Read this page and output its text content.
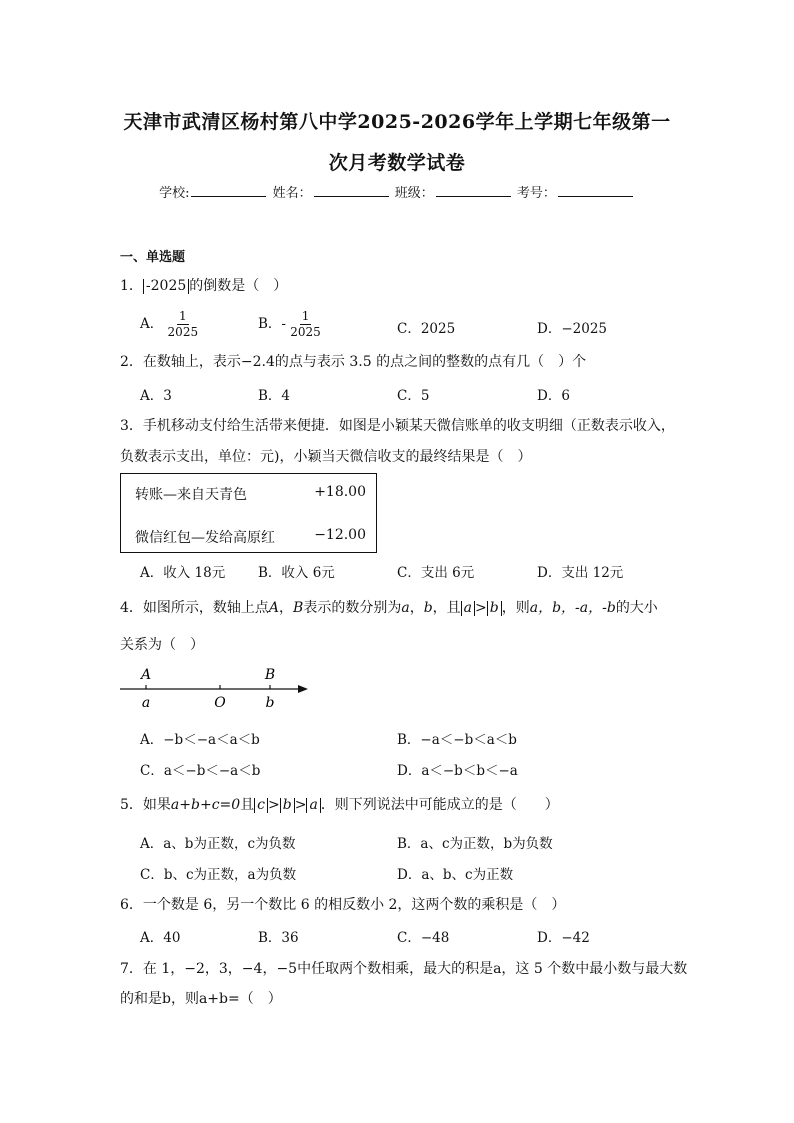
天津市武清区杨村第八中学2025-2026学年上学期七年级第一
次月考数学试卷
学校:	姓名：	班级：	考号：
一、单选题
1． -2025 的倒数是（　）
A． $\frac{1}{2025}$	B．- $\frac{1}{2025}$	C．2025	D．−2025
2．在数轴上，表示−2.4的点与表示 3.5 的点之间的整数的点有几（　）个
A．3	B．4	C．5	D．6
3．手机移动支付给生活带来便捷．如图是小颖某天微信账单的收支明细（正数表示收入，
负数表示支出，单位：元)，小颖当天微信收支的最终结果是（　）
转账—来自天青色	+18.00
微信红包—发给高原红	−12.00
A．收入 18元 B．收入 6元	C．支出 6元	D．支出 12元
4．如图所示，数轴上点A，B表示的数分别为a，b，且 a > b ，则a，b，-a，-b的大小
关系为（　）
A	B
a	O	b
A．−b＜−a＜a＜b	B．−a＜−b＜a＜b
C．a＜−b＜−a＜b	D．a＜−b＜b＜−a
5．如果a+b+c=0且 c > b > a ．则下列说法中可能成立的是（　　）
A．a、b为正数，c为负数	B．a、c为正数，b为负数
C．b、c为正数，a为负数	D．a、b、c为正数
6．一个数是 6，另一个数比 6 的相反数小 2，这两个数的乘积是（　）
A．40	B．36	C．−48	D．−42
7．在 1，−2，3，−4，−5中任取两个数相乘，最大的积是a，这 5 个数中最小数与最大数
的和是b，则a+b=（　）
